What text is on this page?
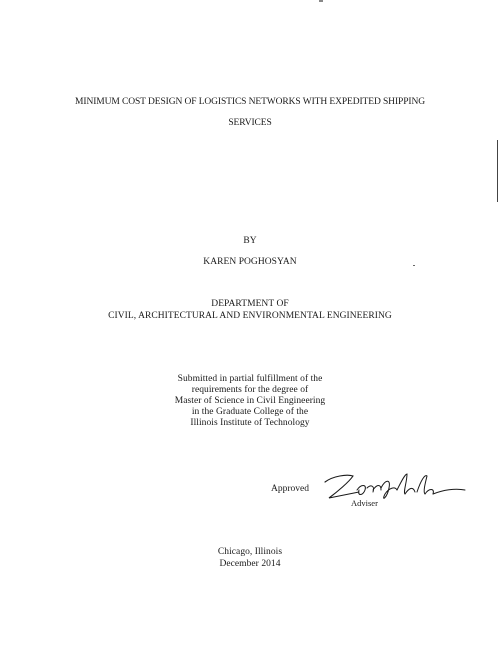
MINIMUM COST DESIGN OF LOGISTICS NETWORKS WITH EXPEDITED SHIPPING
SERVICES
BY
KAREN POGHOSYAN
DEPARTMENT OF
CIVIL, ARCHITECTURAL AND ENVIRONMENTAL ENGINEERING
Submitted in partial fulfillment of the
requirements for the degree of
Master of Science in Civil Engineering
in the Graduate College of the
Illinois Institute of Technology
Approved
Adviser
Chicago, Illinois
December 2014
